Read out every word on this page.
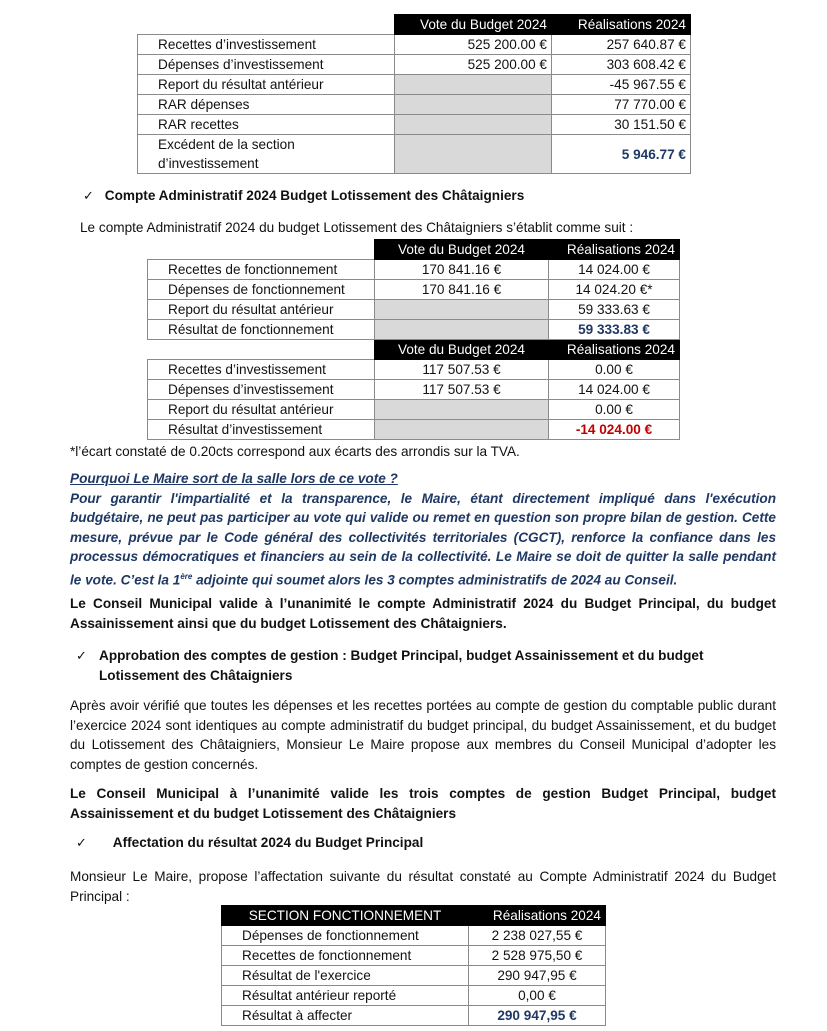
	Vote du Budget 2024	Réalisations 2024
Recettes d’investissement	525 200.00 €	257 640.87 €
Dépenses d’investissement	525 200.00 €	303 608.42 €
Report du résultat antérieur		-45 967.55 €
RAR dépenses		77 770.00 €
RAR recettes		30 151.50 €
Excédent de la section
d’investissement		5 946.77 €
✓ Compte Administratif 2024 Budget Lotissement des Châtaigniers
Le compte Administratif 2024 du budget Lotissement des Châtaigniers s’établit comme suit :
	Vote du Budget 2024	Réalisations 2024
Recettes de fonctionnement	170 841.16 €	14 024.00 €
Dépenses de fonctionnement	170 841.16 €	14 024.20 €*
Report du résultat antérieur		59 333.63 €
Résultat de fonctionnement		59 333.83 €
	Vote du Budget 2024	Réalisations 2024
Recettes d’investissement	117 507.53 €	0.00 €
Dépenses d’investissement	117 507.53 €	14 024.00 €
Report du résultat antérieur		0.00 €
Résultat d’investissement		-14 024.00 €
*l’écart constaté de 0.20cts correspond aux écarts des arrondis sur la TVA.
Pourquoi Le Maire sort de la salle lors de ce vote ?
Pour garantir l'impartialité et la transparence, le Maire, étant directement impliqué dans l'exécution budgétaire, ne peut pas participer au vote qui valide ou remet en question son propre bilan de gestion. Cette mesure, prévue par le Code général des collectivités territoriales (CGCT), renforce la confiance dans les processus démocratiques et financiers au sein de la collectivité. Le Maire se doit de quitter la salle pendant le vote. C’est la 1ère adjointe qui soumet alors les 3 comptes administratifs de 2024 au Conseil.
Le Conseil Municipal valide à l’unanimité le compte Administratif 2024 du Budget Principal, du budget Assainissement ainsi que du budget Lotissement des Châtaigniers.
✓ Approbation des comptes de gestion : Budget Principal, budget Assainissement et du budget Lotissement des Châtaigniers
Après avoir vérifié que toutes les dépenses et les recettes portées au compte de gestion du comptable public durant l’exercice 2024 sont identiques au compte administratif du budget principal, du budget Assainissement, et du budget du Lotissement des Châtaigniers, Monsieur Le Maire propose aux membres du Conseil Municipal d’adopter les comptes de gestion concernés.
Le Conseil Municipal à l’unanimité valide les trois comptes de gestion Budget Principal, budget Assainissement et du budget Lotissement des Châtaigniers
✓ Affectation du résultat 2024 du Budget Principal
Monsieur Le Maire, propose l’affectation suivante du résultat constaté au Compte Administratif 2024 du Budget Principal :
SECTION FONCTIONNEMENT	Réalisations 2024
Dépenses de fonctionnement	2 238 027,55 €
Recettes de fonctionnement	2 528 975,50 €
Résultat de l'exercice	290 947,95 €
Résultat antérieur reporté	0,00 €
Résultat à affecter	290 947,95 €
